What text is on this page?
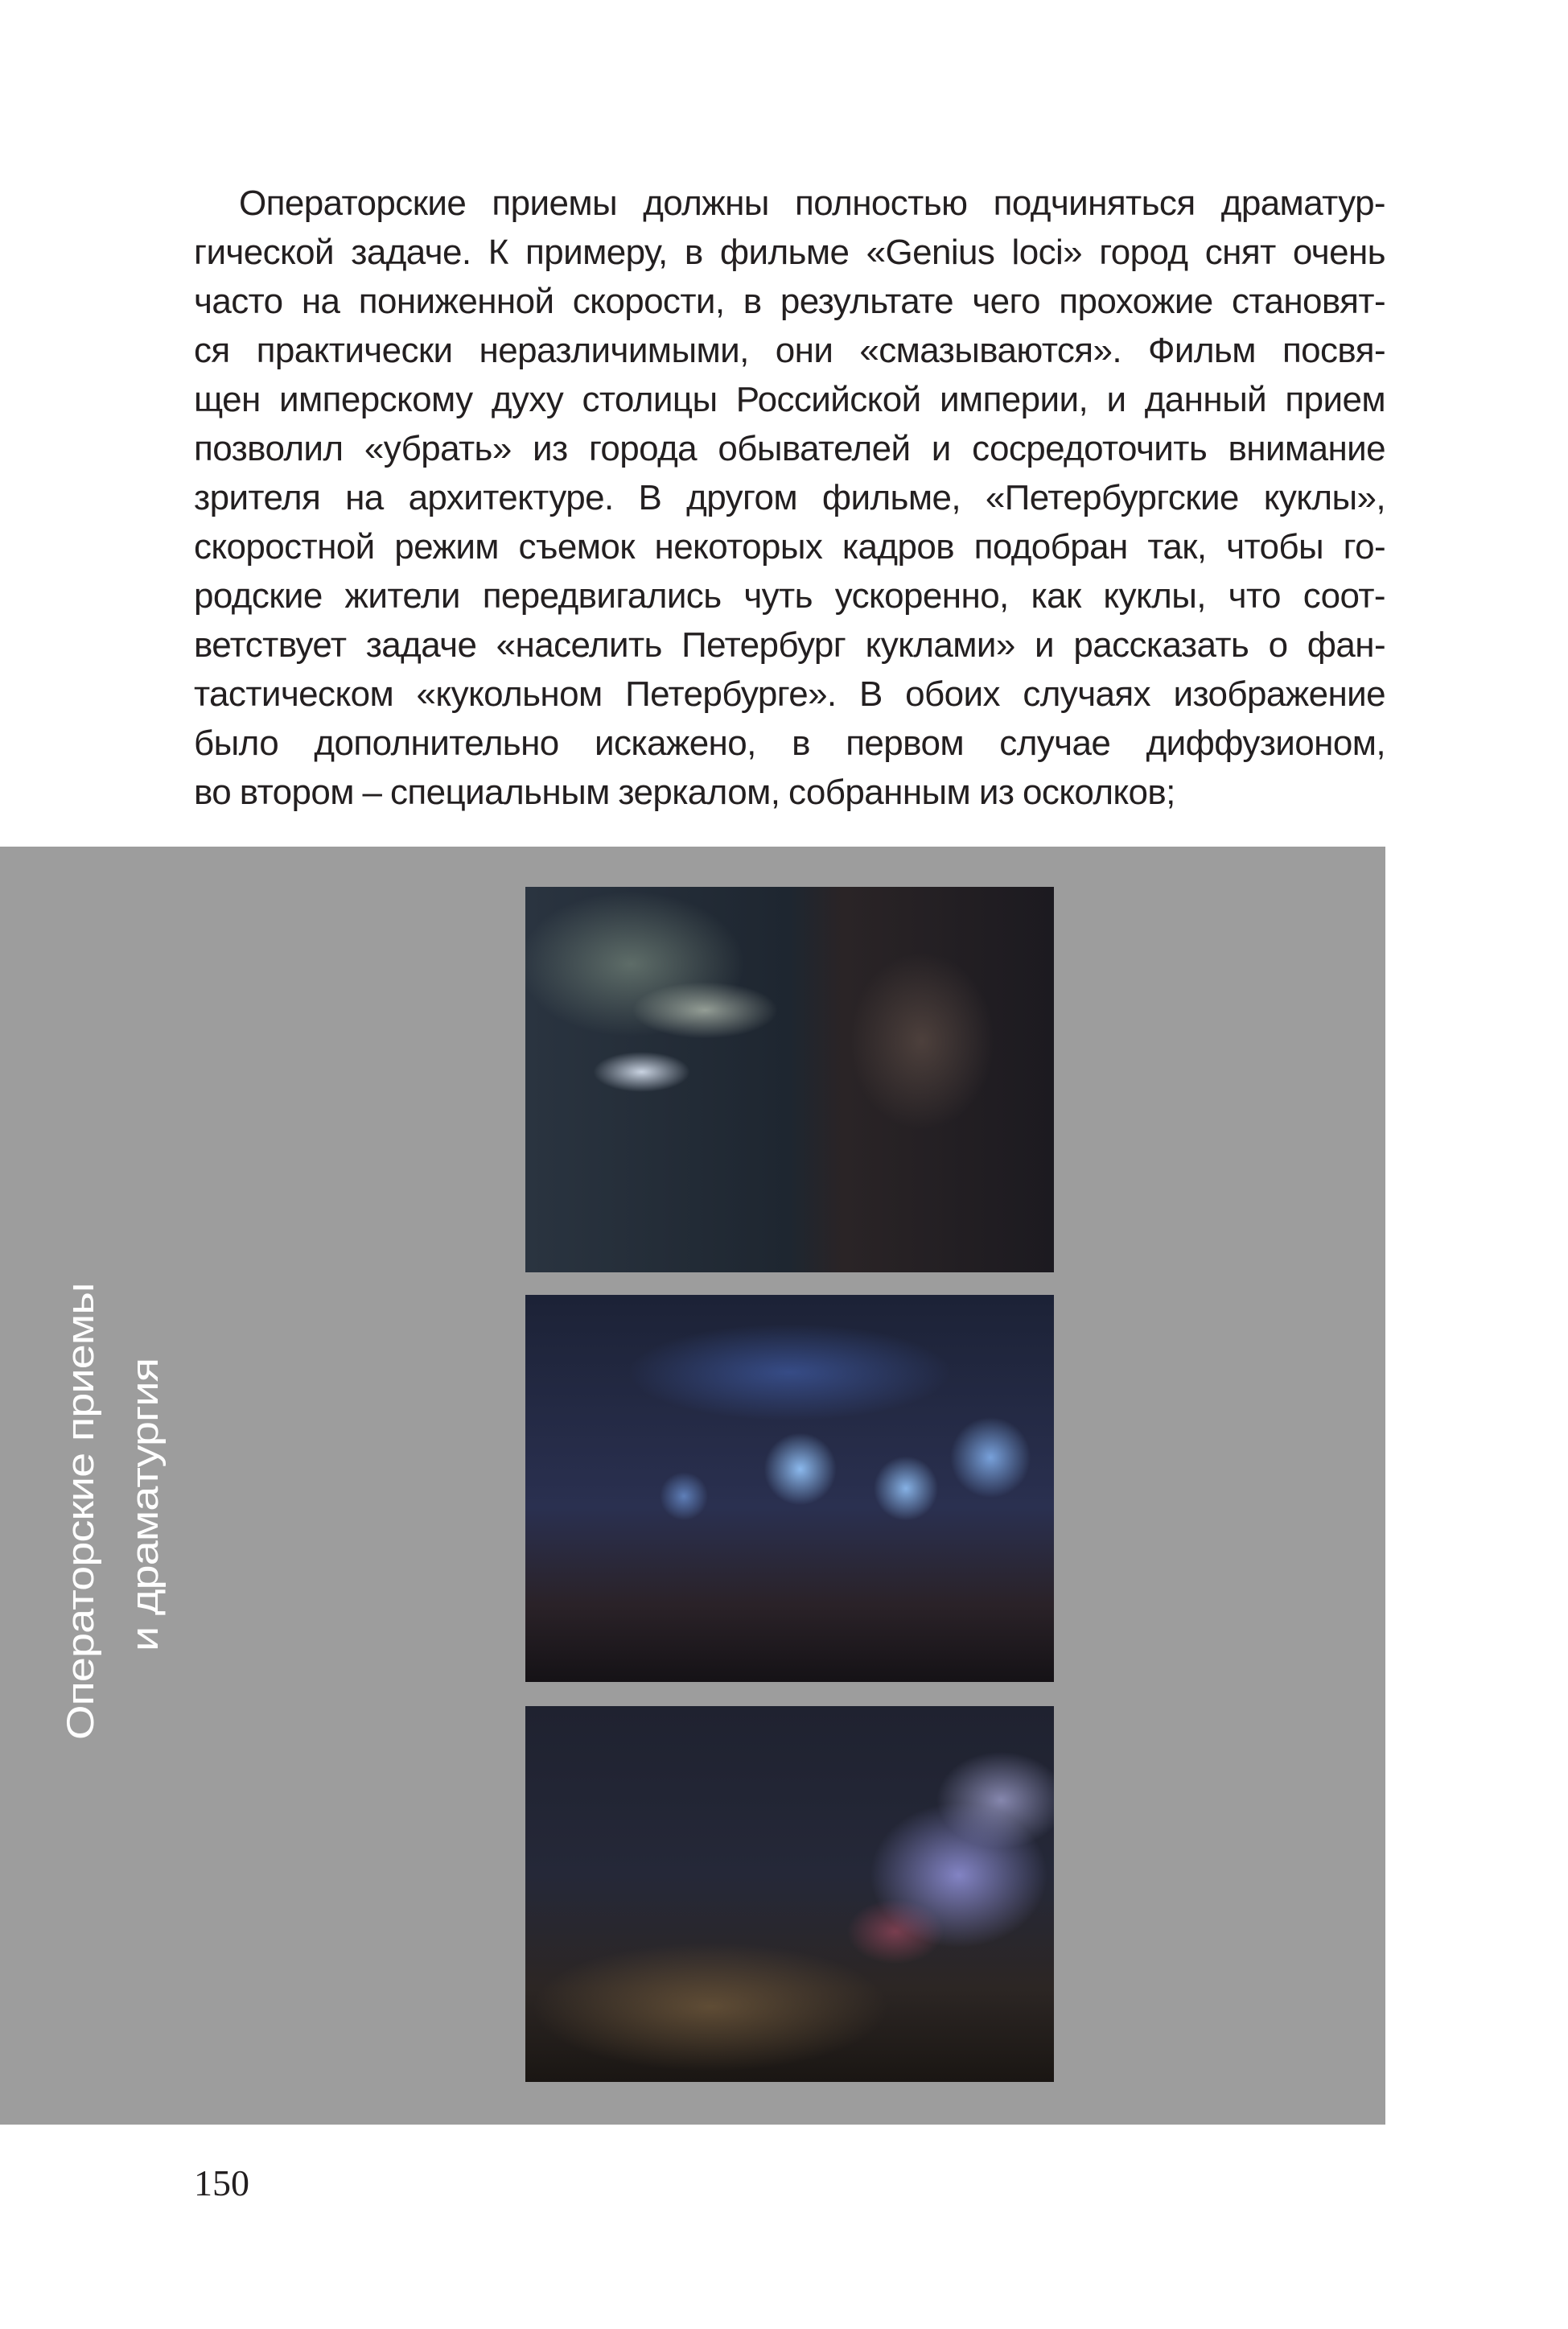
Операторские приемы должны полностью подчиняться драматур-
гической задаче. К примеру, в фильме «Genius loci» город снят очень
часто на пониженной скорости, в результате чего прохожие становят-
ся практически неразличимыми, они «смазываются». Фильм посвя-
щен имперскому духу столицы Российской империи, и данный прием
позволил «убрать» из города обывателей и сосредоточить внимание
зрителя на архитектуре. В другом фильме, «Петербургские куклы»,
скоростной режим съемок некоторых кадров подобран так, чтобы го-
родские жители передвигались чуть ускоренно, как куклы, что соот-
ветствует задаче «населить Петербург куклами» и рассказать о фан-
тастическом «кукольном Петербурге». В обоих случаях изображение
было дополнительно искажено, в первом случае диффузионом,
во втором – специальным зеркалом, собранным из осколков;
Операторские приемы и драматургия
150
